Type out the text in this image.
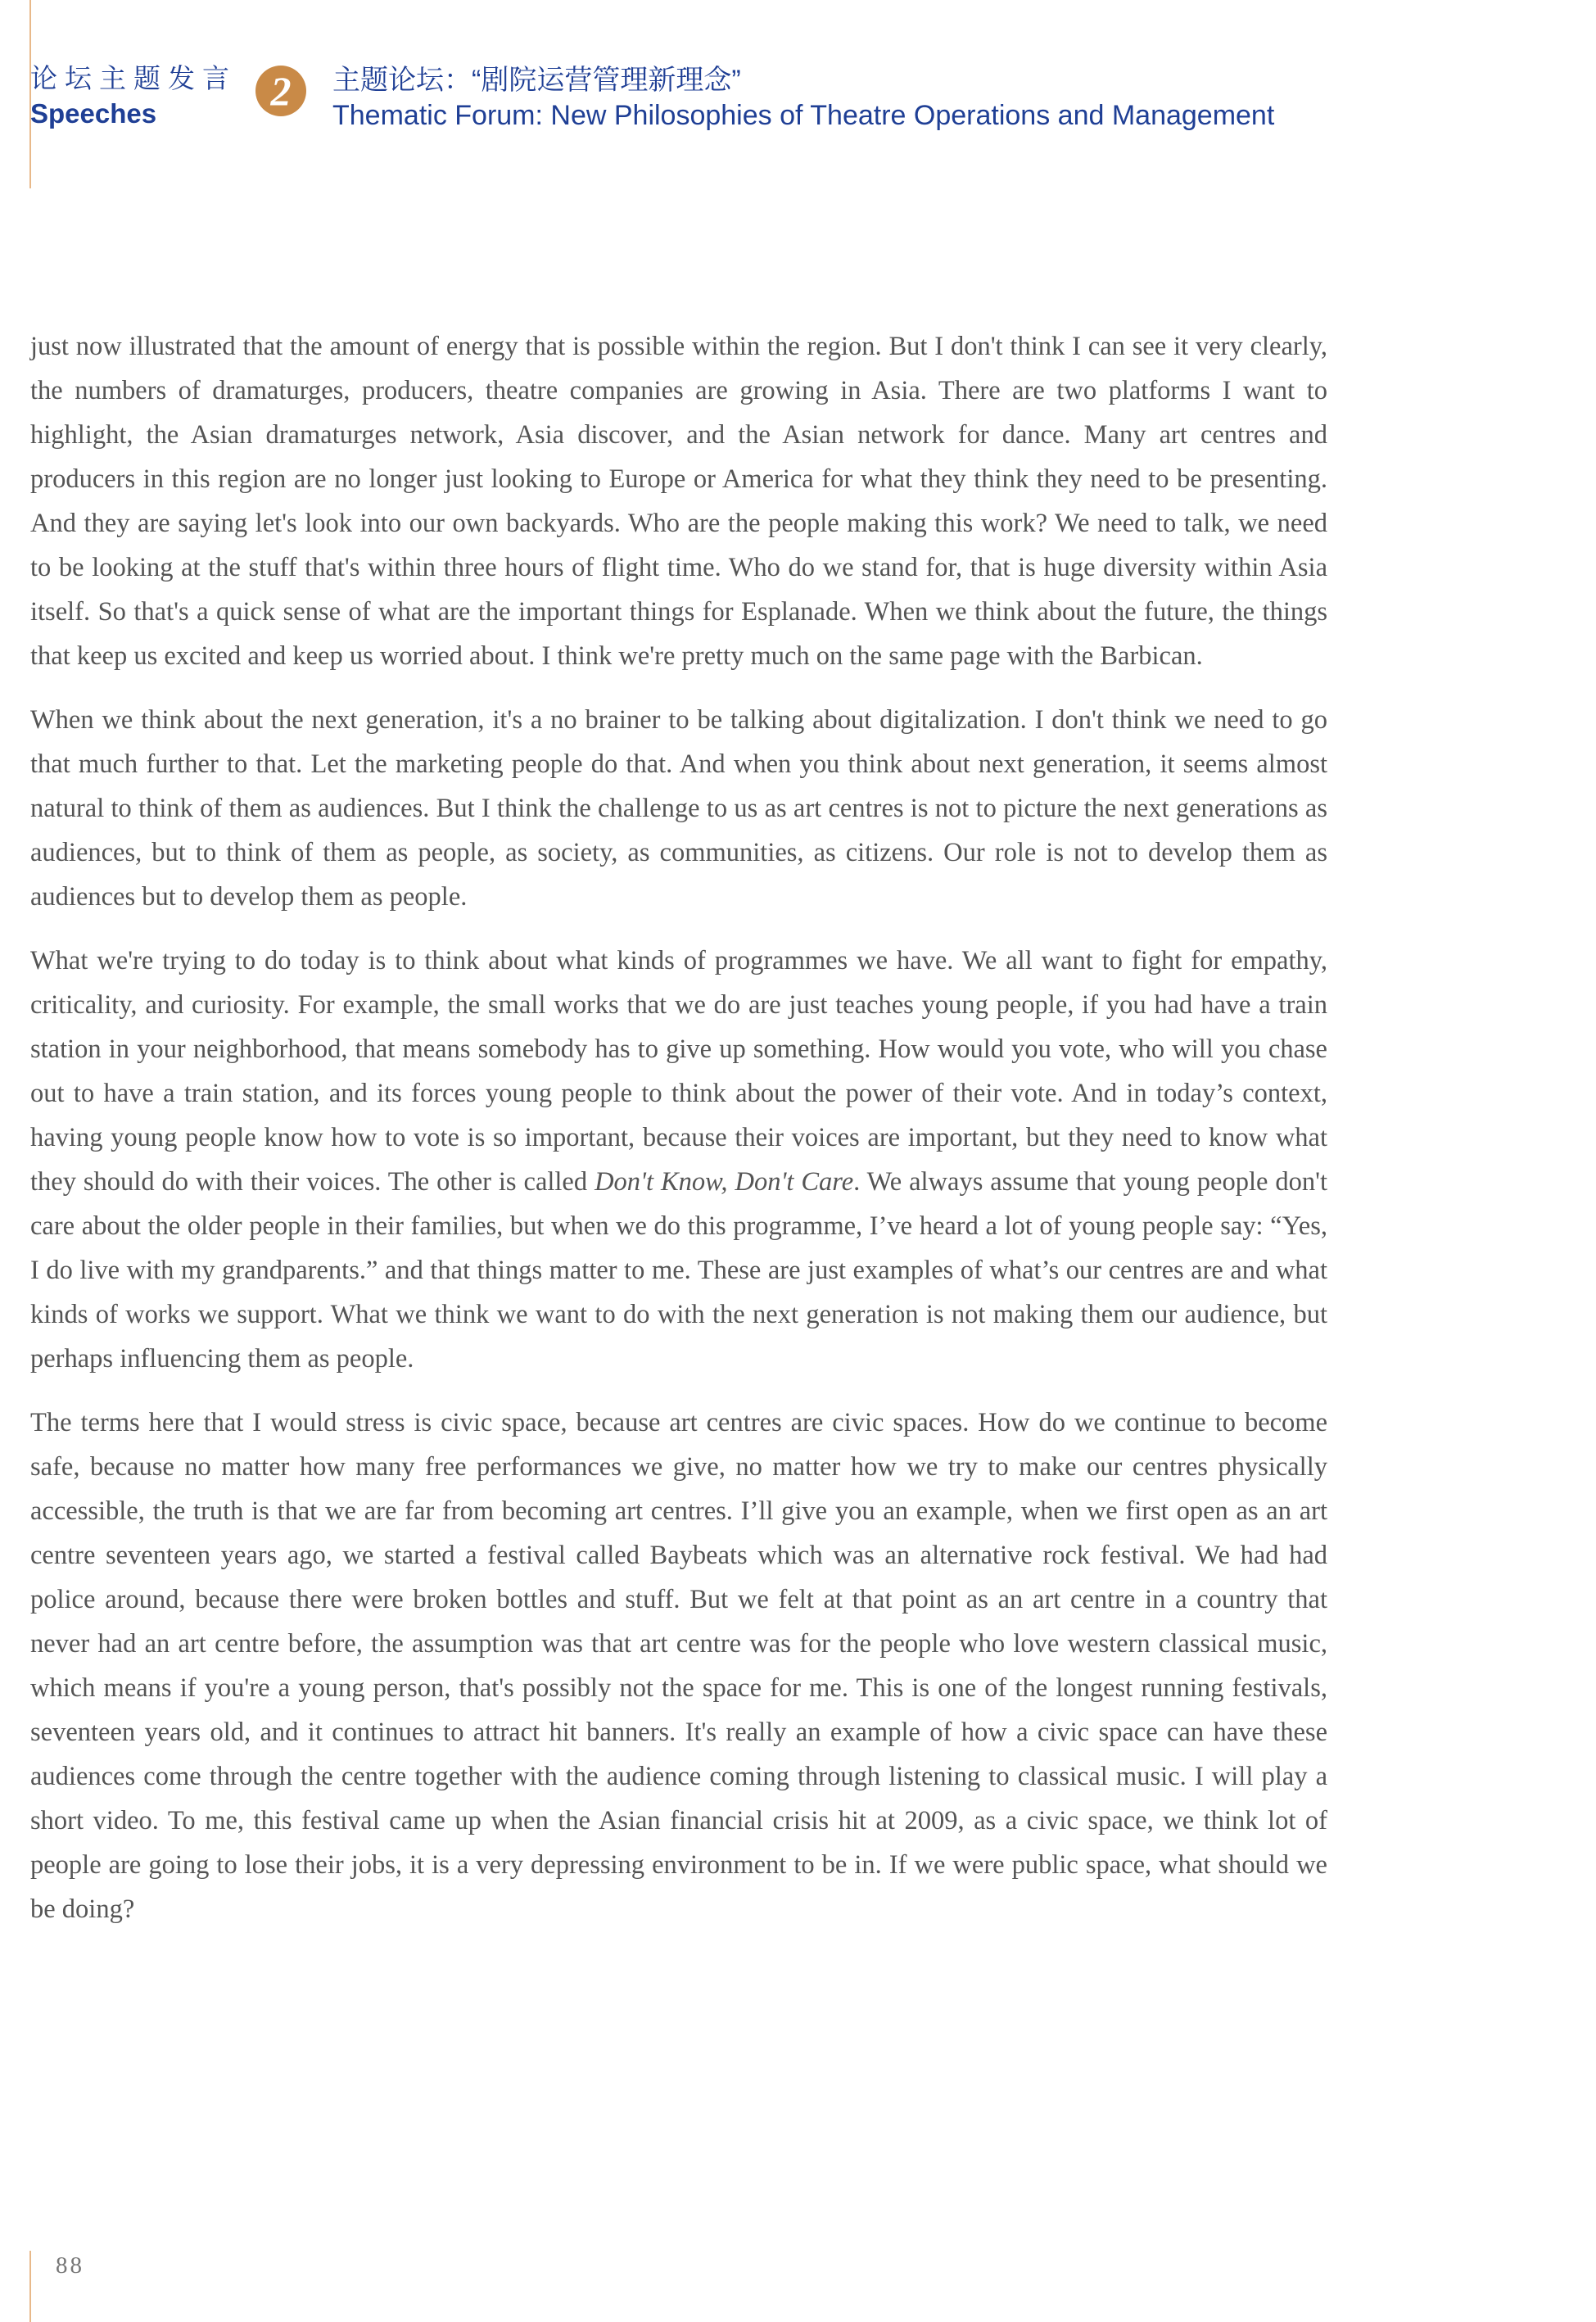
论坛主题发言
Speeches	2	主题论坛：“剧院运营管理新理念”
Thematic Forum: New Philosophies of Theatre Operations and Management

just now illustrated that the amount of energy that is possible within the region. But I don't think I can see it very clearly, the numbers of dramaturges, producers, theatre companies are growing in Asia. There are two platforms I want to highlight, the Asian dramaturges network, Asia discover, and the Asian network for dance. Many art centres and producers in this region are no longer just looking to Europe or America for what they think they need to be presenting. And they are saying let's look into our own backyards. Who are the people making this work? We need to talk, we need to be looking at the stuff that's within three hours of flight time. Who do we stand for, that is huge diversity within Asia itself. So that's a quick sense of what are the important things for Esplanade. When we think about the future, the things that keep us excited and keep us worried about. I think we're pretty much on the same page with the Barbican.

When we think about the next generation, it's a no brainer to be talking about digitalization. I don't think we need to go that much further to that. Let the marketing people do that. And when you think about next generation, it seems almost natural to think of them as audiences. But I think the challenge to us as art centres is not to picture the next generations as audiences, but to think of them as people, as society, as communities, as citizens. Our role is not to develop them as audiences but to develop them as people.

What we're trying to do today is to think about what kinds of programmes we have. We all want to fight for empathy, criticality, and curiosity. For example, the small works that we do are just teaches young people, if you had have a train station in your neighborhood, that means somebody has to give up something. How would you vote, who will you chase out to have a train station, and its forces young people to think about the power of their vote. And in today’s context, having young people know how to vote is so important, because their voices are important, but they need to know what they should do with their voices. The other is called Don't Know, Don't Care. We always assume that young people don't care about the older people in their families, but when we do this programme, I’ve heard a lot of young people say: “Yes, I do live with my grandparents.” and that things matter to me. These are just examples of what’s our centres are and what kinds of works we support. What we think we want to do with the next generation is not making them our audience, but perhaps influencing them as people.

The terms here that I would stress is civic space, because art centres are civic spaces. How do we continue to become safe, because no matter how many free performances we give, no matter how we try to make our centres physically accessible, the truth is that we are far from becoming art centres. I’ll give you an example, when we first open as an art centre seventeen years ago, we started a festival called Baybeats which was an alternative rock festival. We had had police around, because there were broken bottles and stuff. But we felt at that point as an art centre in a country that never had an art centre before, the assumption was that art centre was for the people who love western classical music, which means if you're a young person, that's possibly not the space for me. This is one of the longest running festivals, seventeen years old, and it continues to attract hit banners. It's really an example of how a civic space can have these audiences come through the centre together with the audience coming through listening to classical music. I will play a short video. To me, this festival came up when the Asian financial crisis hit at 2009, as a civic space, we think lot of people are going to lose their jobs, it is a very depressing environment to be in. If we were public space, what should we be doing?

88
